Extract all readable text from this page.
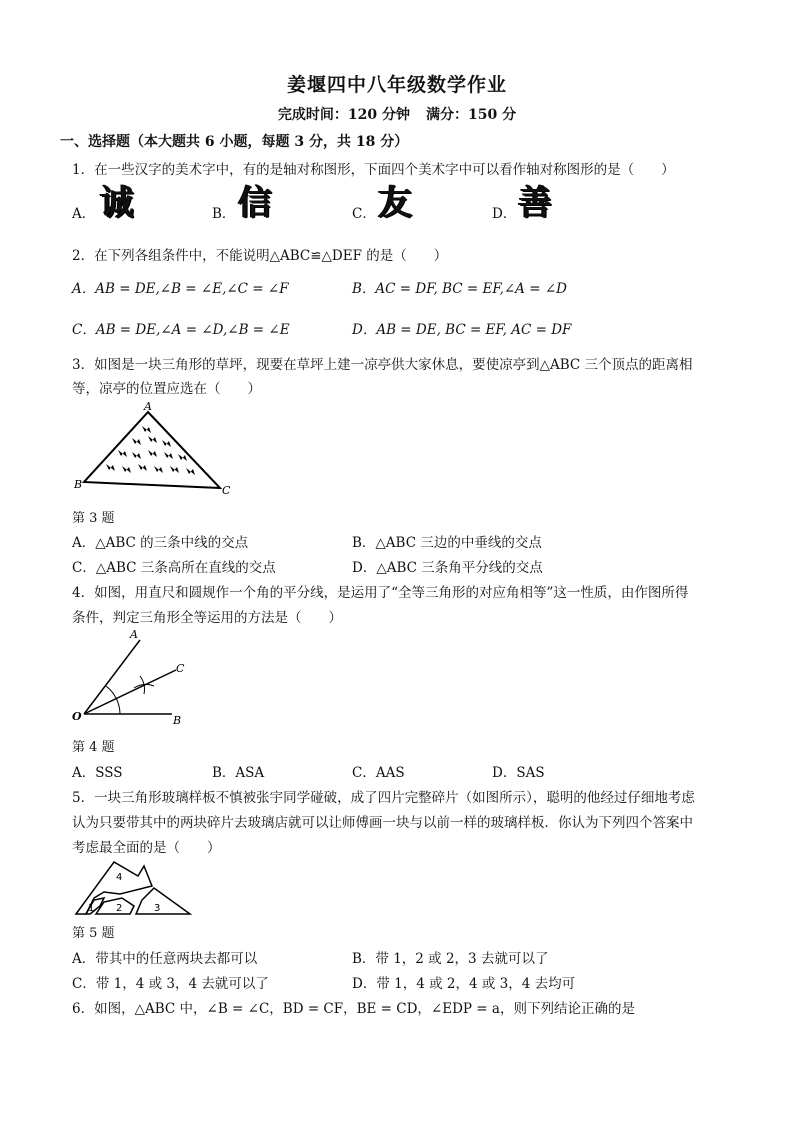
姜堰四中八年级数学作业
完成时间：120 分钟 满分：150 分
一、选择题（本大题共 6 小题，每题 3 分，共 18 分）
1．在一些汉字的美术字中，有的是轴对称图形，下面四个美术字中可以看作轴对称图形的是（　　）
A． 诚	B． 信	C． 友	D． 善
2．在下列各组条件中，不能说明△ABC≌△DEF 的是（　　）
A．AB = DE,∠B = ∠E,∠C = ∠F	B．AC = DF, BC = EF,∠A = ∠D
C．AB = DE,∠A = ∠D,∠B = ∠E	D．AB = DE, BC = EF, AC = DF
3．如图是一块三角形的草坪，现要在草坪上建一凉亭供大家休息，要使凉亭到△ABC 三个顶点的距离相
等，凉亭的位置应选在（　　）
A
B	C
第 3 题
A．△ABC 的三条中线的交点	B．△ABC 三边的中垂线的交点
C．△ABC 三条高所在直线的交点	D．△ABC 三条角平分线的交点
4．如图，用直尺和圆规作一个角的平分线，是运用了“全等三角形的对应角相等”这一性质，由作图所得
条件，判定三角形全等运用的方法是（　　）
O
A
B
C
第 4 题
A．SSS	B．ASA	C．AAS	D．SAS
5．一块三角形玻璃样板不慎被张宇同学碰破，成了四片完整碎片（如图所示），聪明的他经过仔细地考虑
认为只要带其中的两块碎片去玻璃店就可以让师傅画一块与以前一样的玻璃样板．你认为下列四个答案中
考虑最全面的是（　　）
1 2	3
4
第 5 题
A．带其中的任意两块去都可以	B．带 1，2 或 2，3 去就可以了
C．带 1，4 或 3，4 去就可以了	D．带 1，4 或 2，4 或 3，4 去均可
6．如图，△ABC 中，∠B = ∠C，BD = CF，BE = CD，∠EDP = a，则下列结论正确的是
